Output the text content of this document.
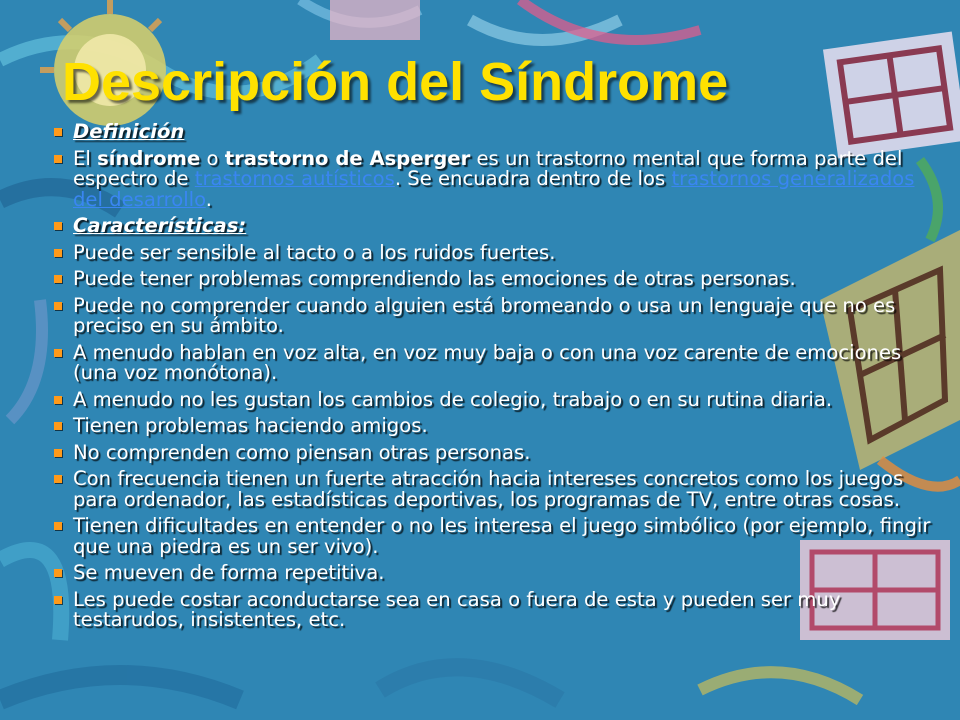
Descripción del Síndrome
Definición
El síndrome o trastorno de Asperger es un trastorno mental que forma parte del espectro de trastornos autísticos. Se encuadra dentro de los trastornos generalizados del desarrollo.
Características:
Puede ser sensible al tacto o a los ruidos fuertes.
Puede tener problemas comprendiendo las emociones de otras personas.
Puede no comprender cuando alguien está bromeando o usa un lenguaje que no es preciso en su ámbito.
A menudo hablan en voz alta, en voz muy baja o con una voz carente de emociones (una voz monótona).
A menudo no les gustan los cambios de colegio, trabajo o en su rutina diaria.
Tienen problemas haciendo amigos.
No comprenden como piensan otras personas.
Con frecuencia tienen un fuerte atracción hacia intereses concretos como los juegos para ordenador, las estadísticas deportivas, los programas de TV, entre otras cosas.
Tienen dificultades en entender o no les interesa el juego simbólico (por ejemplo, fingir que una piedra es un ser vivo).
Se mueven de forma repetitiva.
Les puede costar aconductarse sea en casa o fuera de esta y pueden ser muy testarudos, insistentes, etc.
